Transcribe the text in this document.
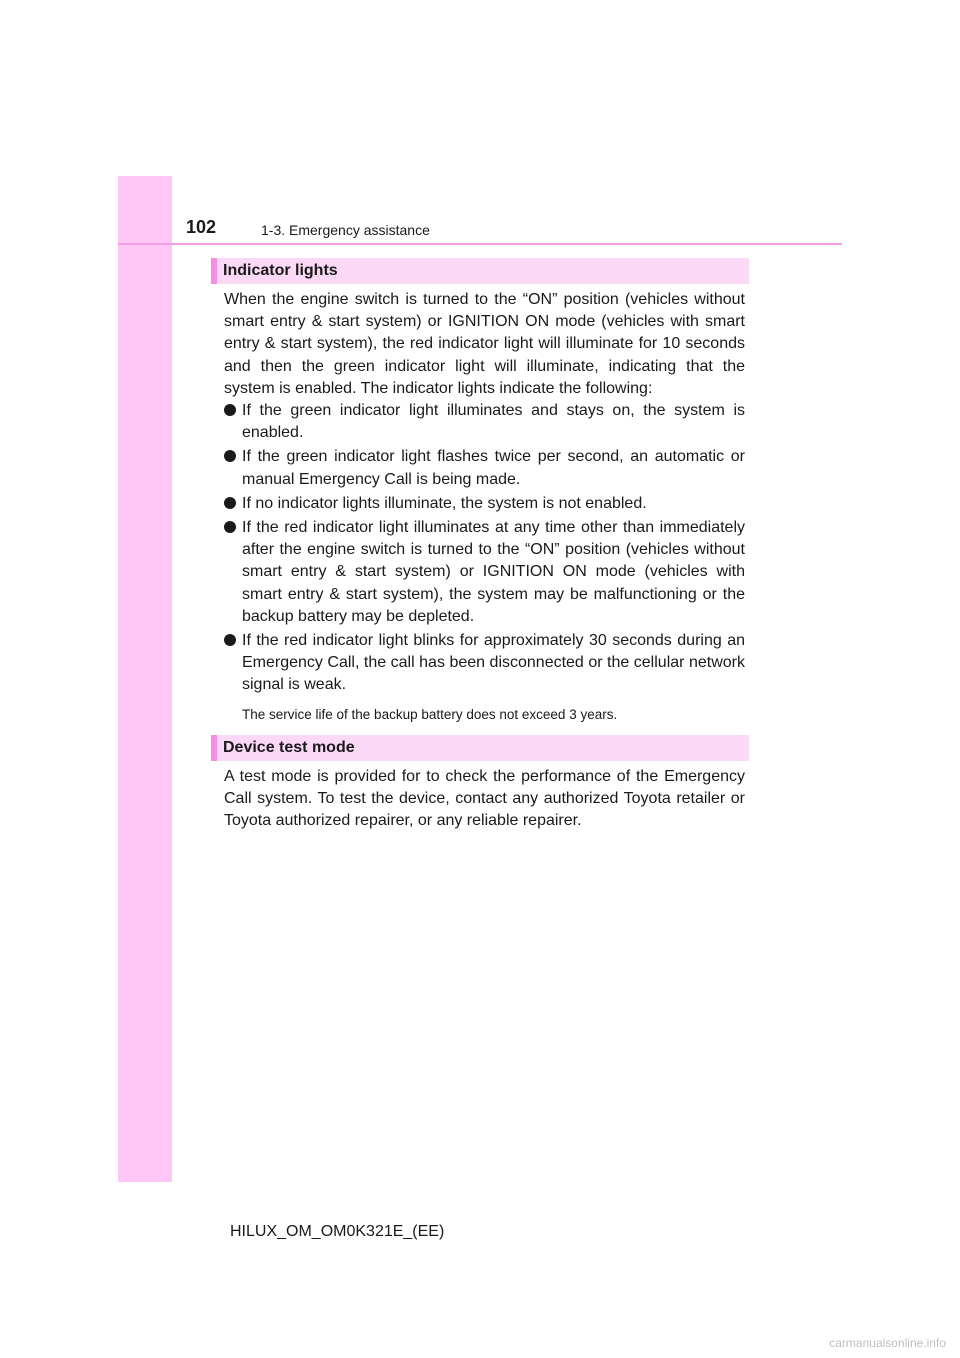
102	1-3. Emergency assistance
Indicator lights

When the engine switch is turned to the “ON” position (vehicles without smart entry & start system) or IGNITION ON mode (vehicles with smart entry & start system), the red indicator light will illuminate for 10 seconds and then the green indicator light will illuminate, indicating that the system is enabled. The indicator lights indicate the following:

If the green indicator light illuminates and stays on, the system is enabled.
If the green indicator light flashes twice per second, an automatic or manual Emergency Call is being made.
If no indicator lights illuminate, the system is not enabled.
If the red indicator light illuminates at any time other than immediately after the engine switch is turned to the “ON” position (vehicles without smart entry & start system) or IGNITION ON mode (vehicles with smart entry & start system), the system may be malfunctioning or the backup battery may be depleted.
If the red indicator light blinks for approximately 30 seconds during an Emergency Call, the call has been disconnected or the cellular network signal is weak.
The service life of the backup battery does not exceed 3 years.
Device test mode

A test mode is provided for to check the performance of the Emergency Call system. To test the device, contact any authorized Toyota retailer or Toyota authorized repairer, or any reliable repairer.

HILUX_OM_OM0K321E_(EE)
carmanualsonline.info
